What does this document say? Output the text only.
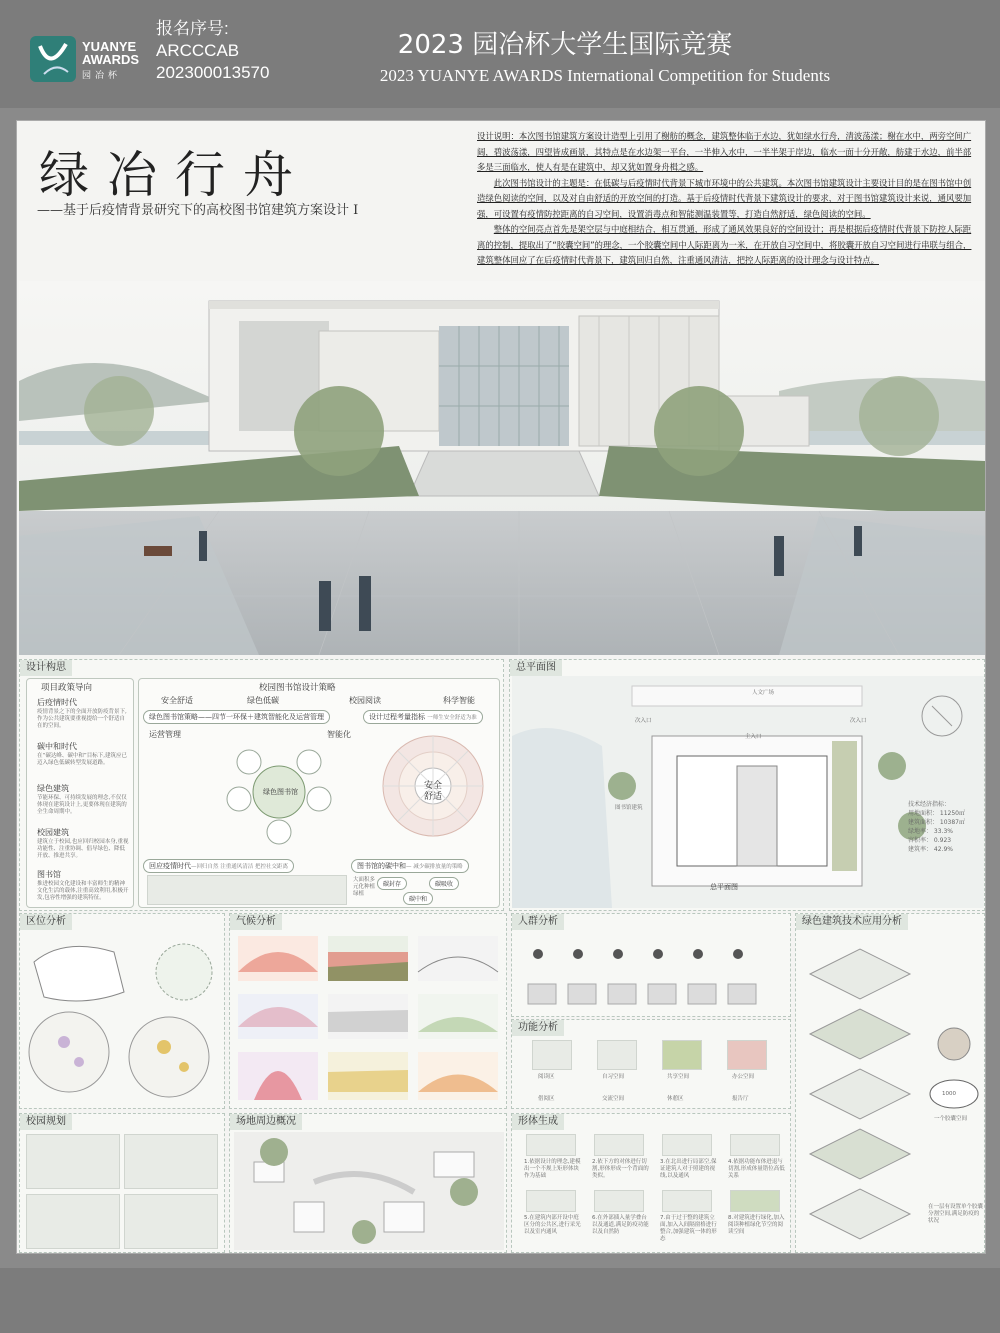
YUANYE
AWARDS
园冶杯
报名序号:
ARCCCAB
202300013570
2023 园冶杯大学生国际竞赛
2023 YUANYE AWARDS International Competition for Students
绿冶行舟
——基于后疫情背景研究下的高校图书馆建筑方案设计 I

设计说明：本次图书馆建筑方案设计造型上引用了榭舫的概念，建筑整体临于水边，犹如绿水行舟，清波荡漾；榭在水中，两旁空间广阔，碧波荡漾，四望皆成画景，其特点是在水边架一平台，一半伸入水中，一半半架于岸边，临水一面十分开敞，舫建于水边，前半部多是三面临水，使人有是在建筑中，却又犹如置身舟楫之感。

此次图书馆设计的主题是：在低碳与后疫情时代背景下城市环境中的公共建筑。本次图书馆建筑设计主要设计目的是在图书馆中创造绿色阅读的空间，以及对自由舒适的开放空间的打造。基于后疫情时代背景下建筑设计的要求，对于图书馆建筑设计来说，通风要加强，可设置有疫情防控距离的自习空间，设置消毒点和智能测温装置等，打造自然舒适，绿色阅读的空间。

整体的空间亮点首先是架空层与中庭相结合，相互贯通，形成了通风效果良好的空间设计；再是根据后疫情时代背景下防控人际距离的控制，提取出了“胶囊空间”的理念，一个胶囊空间中人际距离为一米，在开放自习空间中，将胶囊开放自习空间进行串联与组合，建筑整体回应了在后疫情时代背景下，建筑回归自然，注重通风清洁，把控人际距离的设计理念与设计特点。

设计构思
项目政策导向
后疫情时代
疫情背景之下的全面开放防疫背景下,作为公共建筑要重视提给一个舒适自在的空间。
碳中和时代
在“碳达峰、碳中和”目标下,建筑应已迈入绿色低碳转型发展道路。
绿色建筑
节能环保、可持续发展的理念,不仅仅体现在建筑设计上,更要体现在建筑的全生命周期中。
校园建筑
建筑立于校园,也应回归校园本身,重视功能性、注重协调、倡导绿色、降低开放、推进共享。
图书馆
推进校园文化建设和丰富师生的精神文化生活的载体,注重高效利用,积极开发,包容性增强的建筑特征。
校园图书馆设计策略
安全舒适	绿色低碳	校园阅读	科学智能
绿色图书馆策略——四节一环保＋建筑智能化及运营管理
运营管理	智能化
绿色图书馆
设计过程考量指标 一师生安全舒适为准
安全
舒适
回应疫情时代—回归自然 注重通风清洁 把控社交距离	图书馆的碳中和— 减少碳排放量的策略
碳封存	碳吸收
碳中和
大面积多元化种植绿植
总平面图
人文广场
次入口
主入口
次入口
图书馆建筑
总平面图
技术经济指标：
用地面积： 11250㎡
建筑面积： 10387㎡
绿地率： 33.3%
容积率： 0.923
建筑率： 42.9%
区位分析	气候分析	人群分析
功能分析
阅读区	自习空间	共享空间	办公空间
借阅区	交流空间	休憩区	报告厅
绿色建筑技术应用分析
1000
一个胶囊空间
在一层有设置单个胶囊分割空间,满足防疫的状况
校园规划	场地周边概况	形体生成
1.依据设计的理念,建模出一个不规上矩形体块作为基础
2.依下方的对体进行切割,形体形成一个背面的类似。
3.在北出进行局部空,保证建筑人对于照建的视线,以及通风
4.依据功能布体进退与切割,形成体量错位高低关系
5.在建筑内部开设中庭区分的公共区,进行采光以及室内通风
6.在外部插入量学叠台以及通道,满足防疫功能以及自然防
7.由于过于整的建筑立面,加入入间隔窗格进行整合,加强建筑一体的形态
8.对建筑进行绿化,加入阅读种植绿化节空的阅读空间
